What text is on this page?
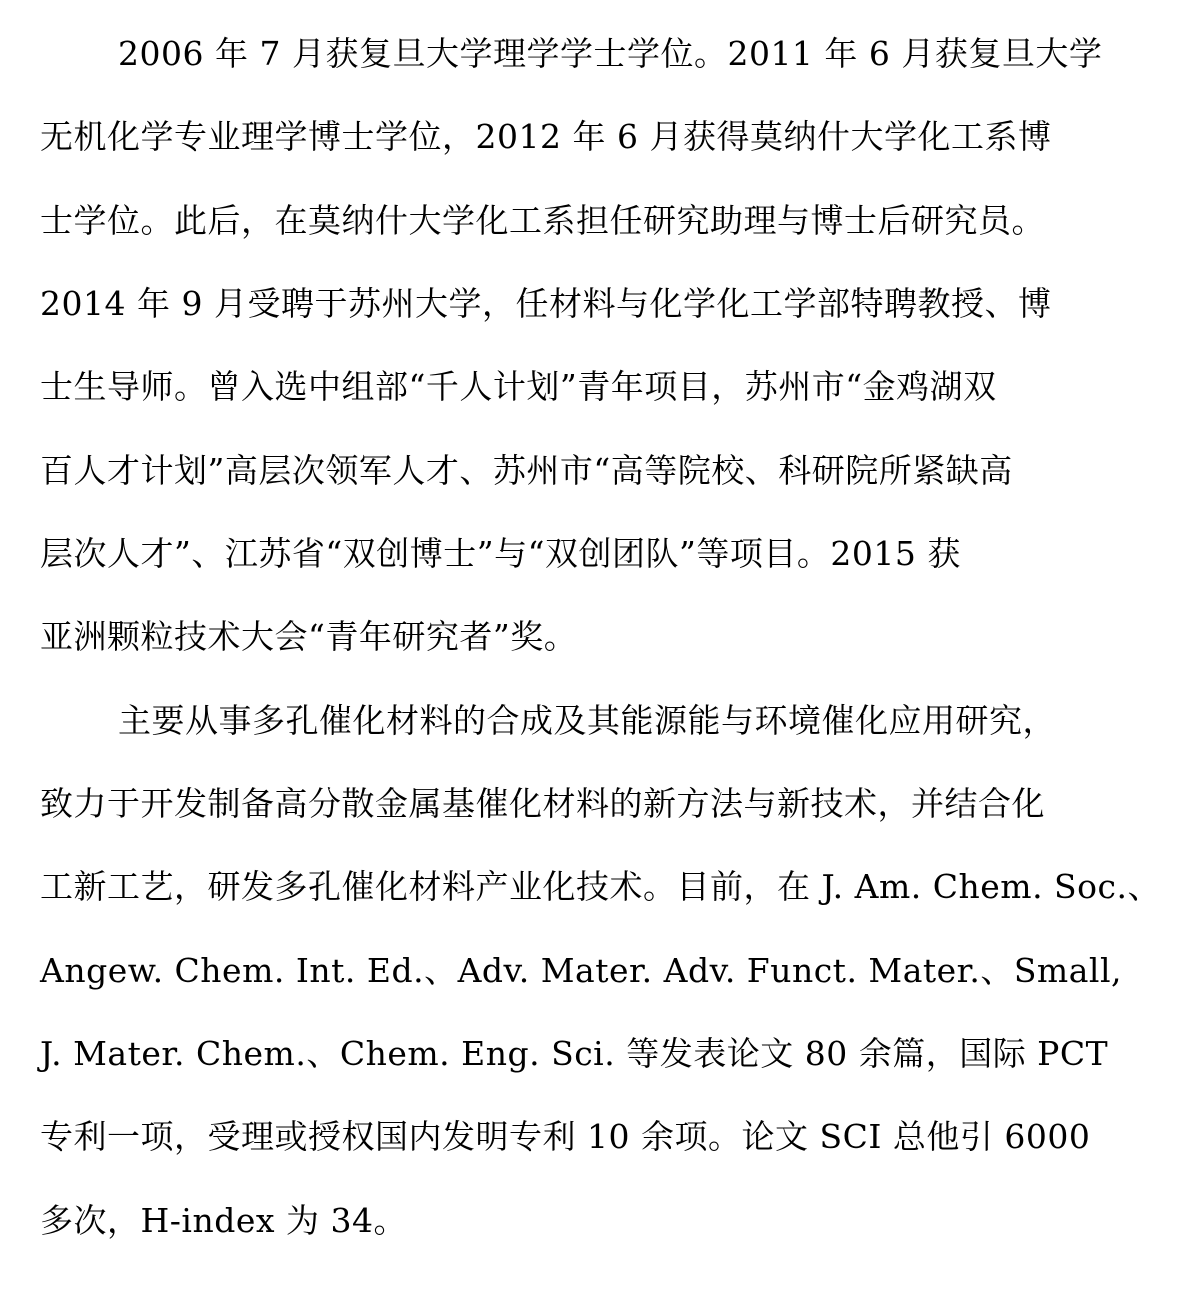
2006 年 7 月获复旦大学理学学士学位。2011 年 6 月获复旦大学
无机化学专业理学博士学位，2012 年 6 月获得莫纳什大学化工系博
士学位。此后，在莫纳什大学化工系担任研究助理与博士后研究员。
2014 年 9 月受聘于苏州大学，任材料与化学化工学部特聘教授、博
士生导师。曾入选中组部“千人计划”青年项目，苏州市“金鸡湖双
百人才计划”高层次领军人才、苏州市“高等院校、科研院所紧缺高
层次人才”、江苏省“双创博士”与“双创团队”等项目。2015 获
亚洲颗粒技术大会“青年研究者”奖。
主要从事多孔催化材料的合成及其能源能与环境催化应用研究，
致力于开发制备高分散金属基催化材料的新方法与新技术，并结合化
工新工艺，研发多孔催化材料产业化技术。目前，在 J. Am. Chem. Soc.、
Angew. Chem. Int. Ed.、Adv. Mater. Adv. Funct. Mater.、Small,
J. Mater. Chem.、Chem. Eng. Sci. 等发表论文 80 余篇，国际 PCT
专利一项，受理或授权国内发明专利 10 余项。论文 SCI 总他引 6000
多次，H-index 为 34。
